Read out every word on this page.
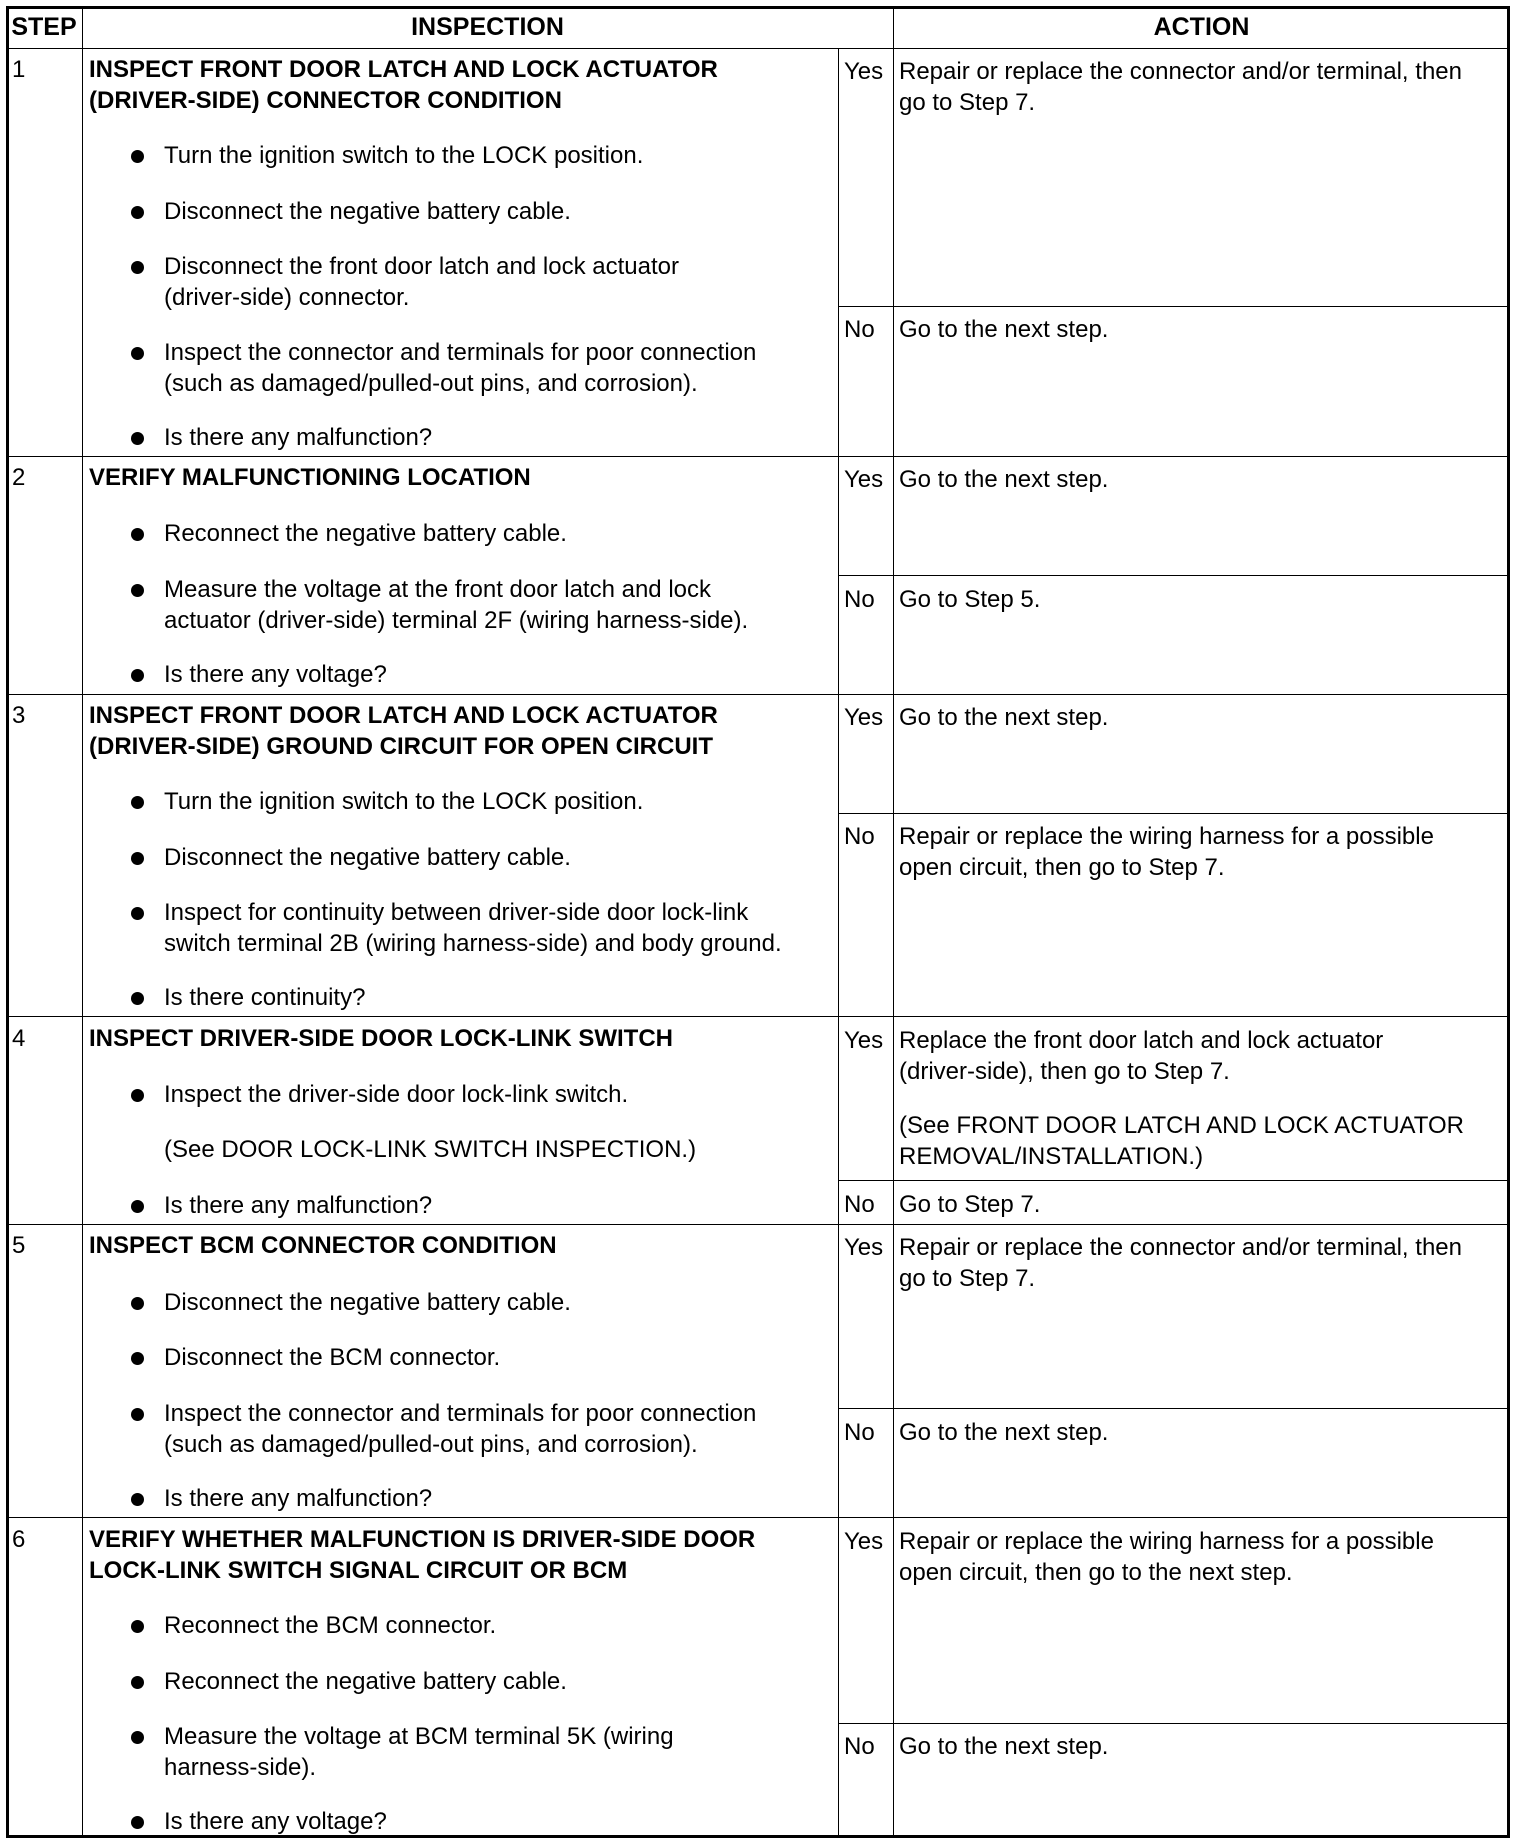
STEP	INSPECTION	ACTION
1	INSPECT FRONT DOOR LATCH AND LOCK ACTUATOR
(DRIVER-SIDE) CONNECTOR CONDITION
Turn the ignition switch to the LOCK position.
Disconnect the negative battery cable.
Disconnect the front door latch and lock actuator
(driver-side) connector.
Inspect the connector and terminals for poor connection
(such as damaged/pulled-out pins, and corrosion).
Is there any malfunction?
Yes Repair or replace the connector and/or terminal, then
go to Step 7.
No Go to the next step.
2	VERIFY MALFUNCTIONING LOCATION
Reconnect the negative battery cable.
Measure the voltage at the front door latch and lock
actuator (driver-side) terminal 2F (wiring harness-side).
Is there any voltage?
Yes Go to the next step.
No Go to Step 5.
3	INSPECT FRONT DOOR LATCH AND LOCK ACTUATOR
(DRIVER-SIDE) GROUND CIRCUIT FOR OPEN CIRCUIT
Turn the ignition switch to the LOCK position.
Disconnect the negative battery cable.
Inspect for continuity between driver-side door lock-link
switch terminal 2B (wiring harness-side) and body ground.
Is there continuity?
Yes Go to the next step.
No Repair or replace the wiring harness for a possible
open circuit, then go to Step 7.
4	INSPECT DRIVER-SIDE DOOR LOCK-LINK SWITCH
Inspect the driver-side door lock-link switch.
(See DOOR LOCK-LINK SWITCH INSPECTION.)
Is there any malfunction?
Yes Replace the front door latch and lock actuator
(driver-side), then go to Step 7.
(See FRONT DOOR LATCH AND LOCK ACTUATOR
REMOVAL/INSTALLATION.)
No Go to Step 7.
5	INSPECT BCM CONNECTOR CONDITION
Disconnect the negative battery cable.
Disconnect the BCM connector.
Inspect the connector and terminals for poor connection
(such as damaged/pulled-out pins, and corrosion).
Is there any malfunction?
Yes Repair or replace the connector and/or terminal, then
go to Step 7.
No Go to the next step.
6	VERIFY WHETHER MALFUNCTION IS DRIVER-SIDE DOOR
LOCK-LINK SWITCH SIGNAL CIRCUIT OR BCM
Reconnect the BCM connector.
Reconnect the negative battery cable.
Measure the voltage at BCM terminal 5K (wiring
harness-side).
Is there any voltage?
Yes Repair or replace the wiring harness for a possible
open circuit, then go to the next step.
No Go to the next step.
